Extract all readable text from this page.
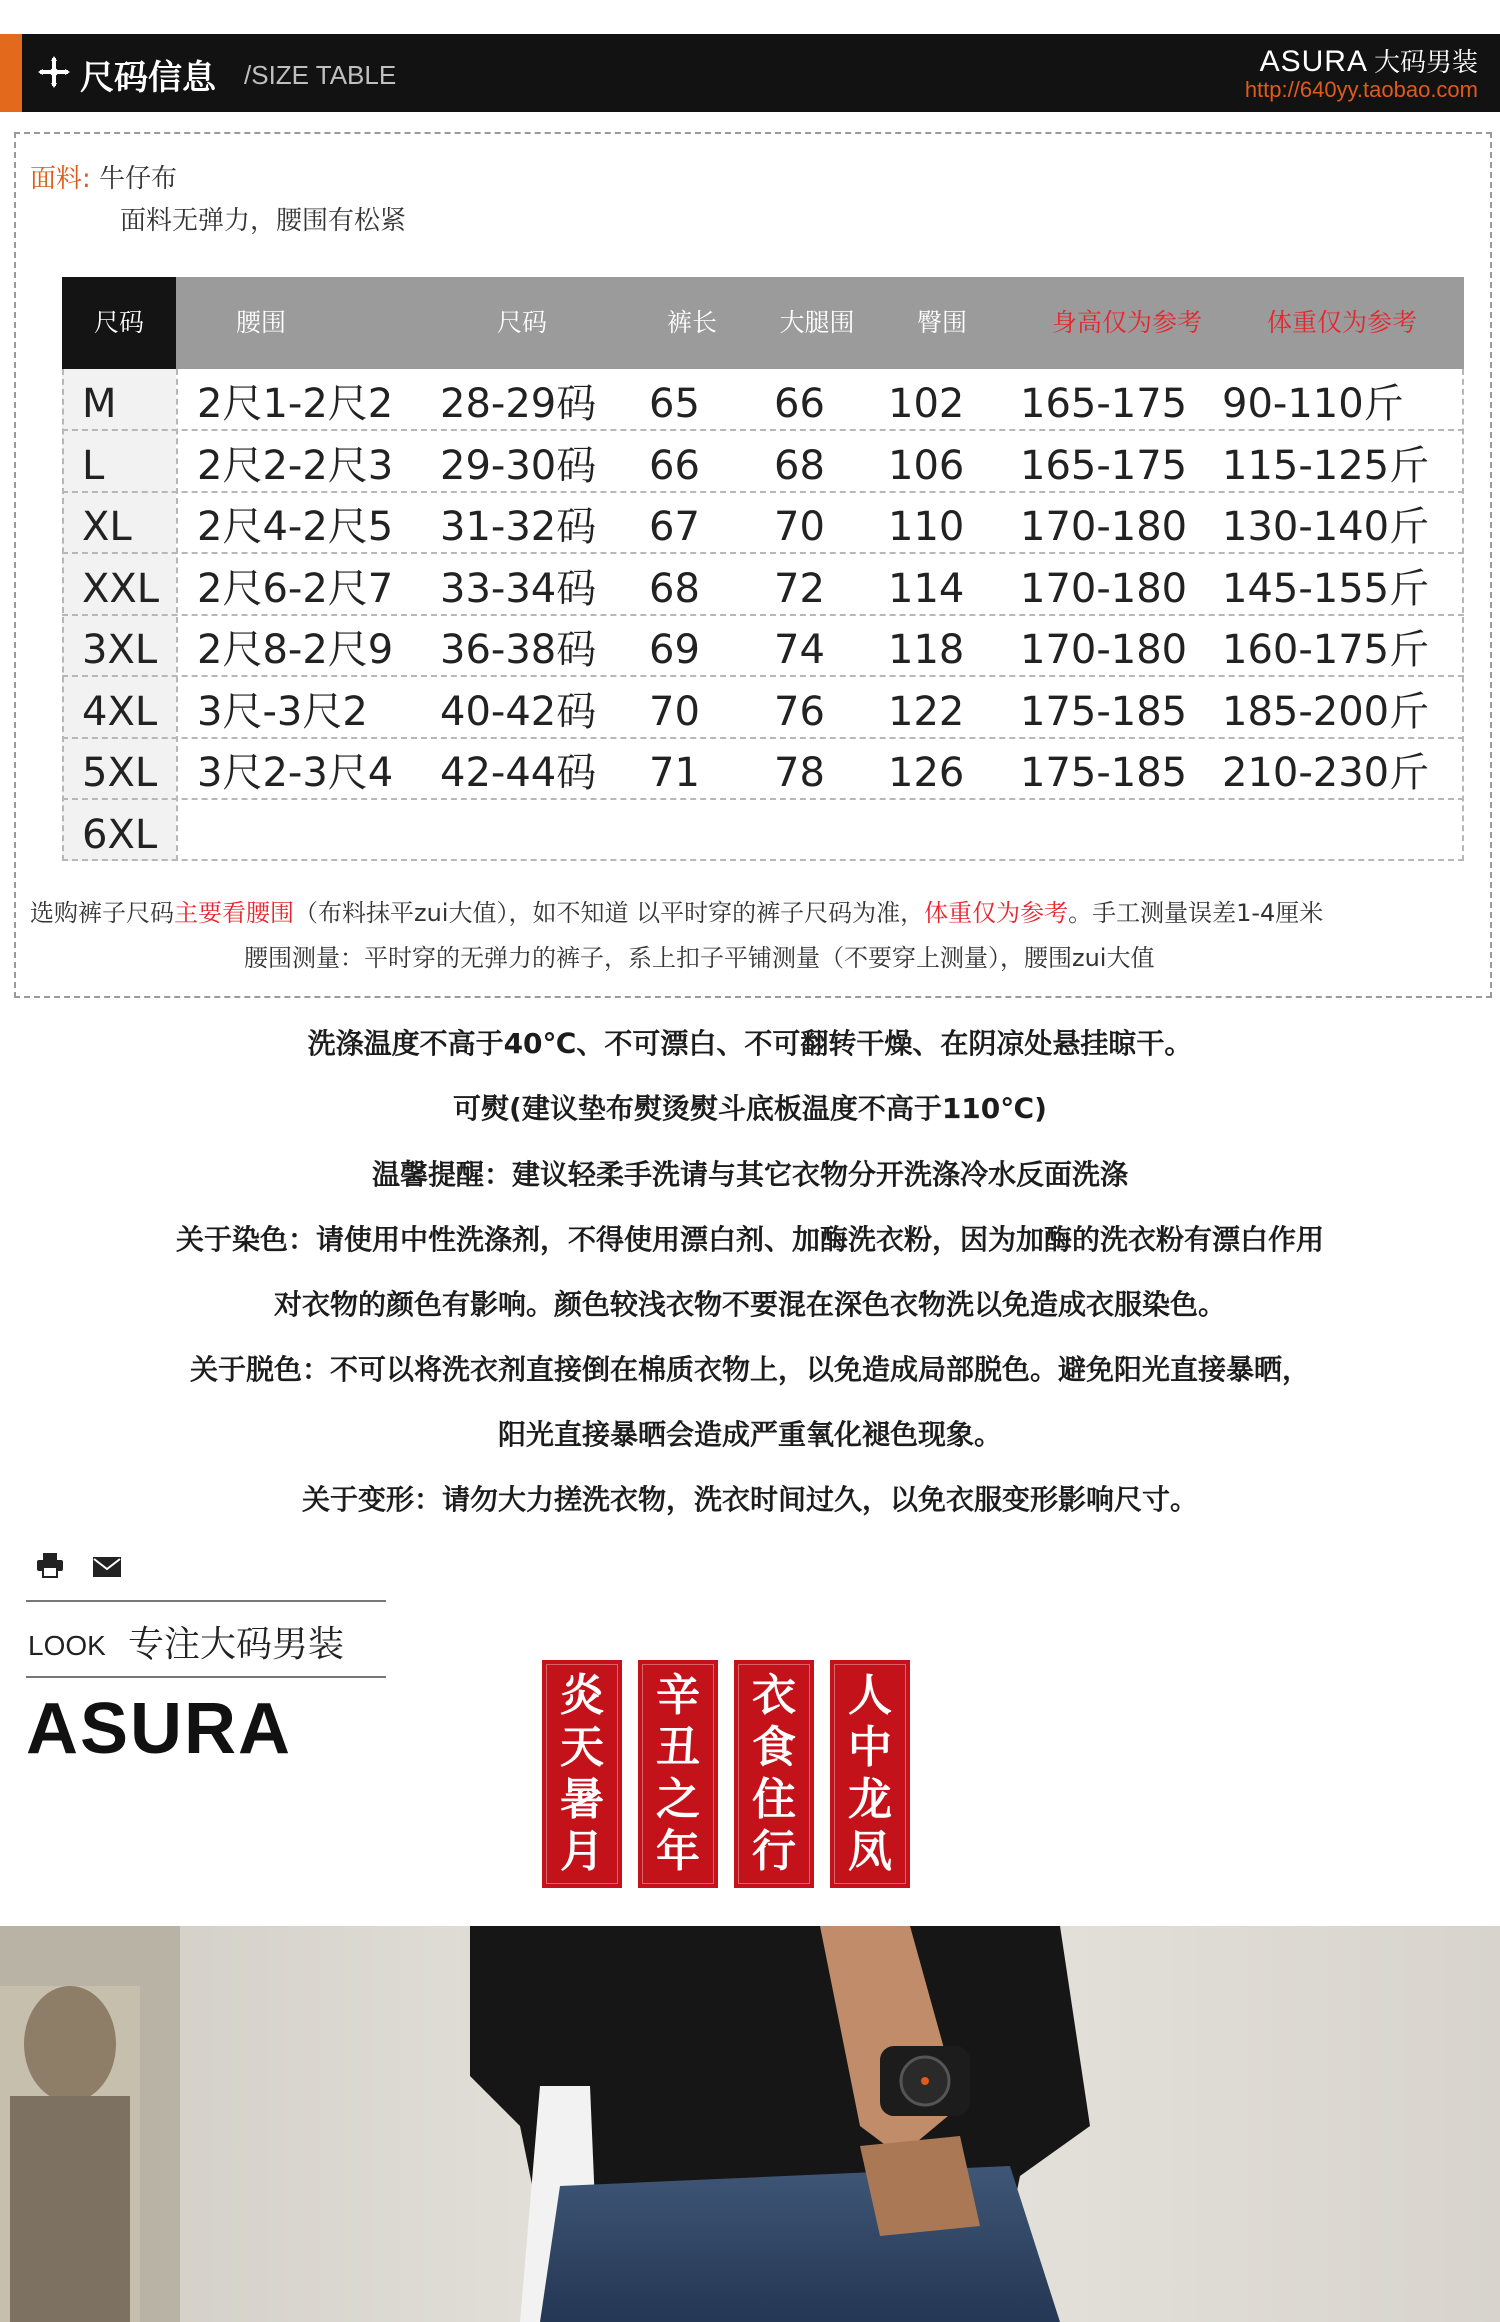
尺码信息 /SIZE TABLE	ASURA 大码男装
http://640yy.taobao.com
面料: 牛仔布
面料无弹力，腰围有松紧
尺码	腰围	尺码	裤长	大腿围	臀围	身高仅为参考	体重仅为参考
M 2尺1-2尺2 28-29码 65 66 102 165-175 90-110斤
L 2尺2-2尺3 29-30码 66 68 106 165-175 115-125斤
XL 2尺4-2尺5 31-32码 67 70 110 170-180 130-140斤
XXL 2尺6-2尺7 33-34码 68 72 114 170-180 145-155斤
3XL 2尺8-2尺9 36-38码 69 74 118 170-180 160-175斤
4XL 3尺-3尺2 40-42码 70 76 122 175-185 185-200斤
5XL 3尺2-3尺4 42-44码 71 78 126 175-185 210-230斤
6XL
选购裤子尺码主要看腰围（布料抹平zui大值），如不知道 以平时穿的裤子尺码为准，体重仅为参考。手工测量误差1-4厘米
腰围测量：平时穿的无弹力的裤子，系上扣子平铺测量（不要穿上测量），腰围zui大值
洗涤温度不高于40℃、不可漂白、不可翻转干燥、在阴凉处悬挂晾干。
可熨(建议垫布熨烫熨斗底板温度不高于110℃)
温馨提醒：建议轻柔手洗请与其它衣物分开洗涤冷水反面洗涤
关于染色：请使用中性洗涤剂，不得使用漂白剂、加酶洗衣粉，因为加酶的洗衣粉有漂白作用
对衣物的颜色有影响。颜色较浅衣物不要混在深色衣物洗以免造成衣服染色。
关于脱色：不可以将洗衣剂直接倒在棉质衣物上，以免造成局部脱色。避免阳光直接暴晒，
阳光直接暴晒会造成严重氧化褪色现象。
关于变形：请勿大力搓洗衣物，洗衣时间过久，以免衣服变形影响尺寸。
LOOK 专注大码男装
ASURA	炎天暑月
辛丑之年
衣食住行
人中龙凤
